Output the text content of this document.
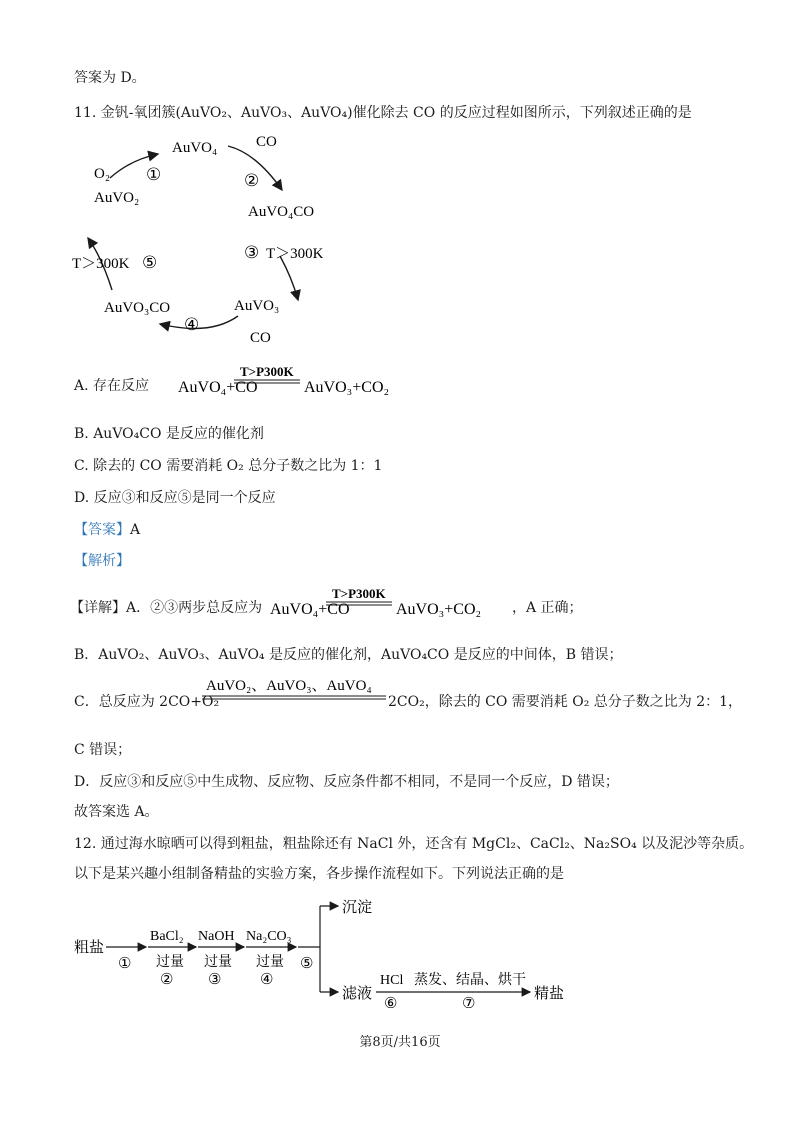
答案为 D。
11. 金钒-氧团簇(AuVO₂、AuVO₃、AuVO₄)催化除去 CO 的反应过程如图所示，下列叙述正确的是
AuVO₄	CO
O₂ ①	②
AuVO₂
AuVO₄CO
③ T＞300K
T＞300K ⑤
AuVO₃CO	AuVO₃
④
CO
A. 存在反应 AuVO₄+CO
T>P300K
AuVO₃+CO₂
B. AuVO₄CO 是反应的催化剂
C. 除去的 CO 需要消耗 O₂ 总分子数之比为 1：1
D. 反应③和反应⑤是同一个反应
【答案】A
【解析】
【详解】A．②③两步总反应为 AuVO₄+CO
T>P300K
AuVO₃+CO₂ ，A 正确；
B．AuVO₂、AuVO₃、AuVO₄ 是反应的催化剂，AuVO₄CO 是反应的中间体，B 错误；
C．总反应为 2CO+O₂
AuVO₂、AuVO₃、AuVO₄
2CO₂，除去的 CO 需要消耗 O₂ 总分子数之比为 2：1，
C 错误；
D．反应③和反应⑤中生成物、反应物、反应条件都不相同，不是同一个反应，D 错误；
故答案选 A。
12. 通过海水晾晒可以得到粗盐，粗盐除还有 NaCl 外，还含有 MgCl₂、CaCl₂、Na₂SO₄ 以及泥沙等杂质。
以下是某兴趣小组制备精盐的实验方案，各步操作流程如下。下列说法正确的是
粗盐
①
BaCl₂
过量
②
NaOH
过量
③
Na₂CO₃
过量
④
⑤
沉淀
滤液
HCl
⑥
蒸发、结晶、烘干
⑦
精盐
第8页/共16页
